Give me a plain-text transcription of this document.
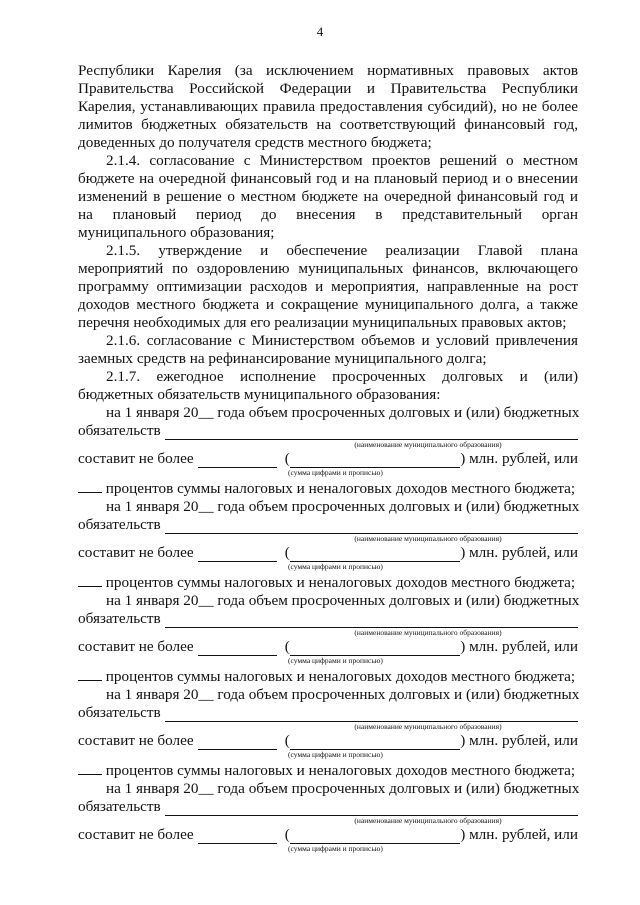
4

Республики Карелия (за исключением нормативных правовых актов Правительства Российской Федерации и Правительства Республики Карелия, устанавливающих правила предоставления субсидий), но не более лимитов бюджетных обязательств на соответствующий финансовый год, доведенных до получателя средств местного бюджета;

2.1.4. согласование с Министерством проектов решений о местном бюджете на очередной финансовый год и на плановый период и о внесении изменений в решение о местном бюджете на очередной финансовый год и на плановый период до внесения в представительный орган муниципального образования;

2.1.5. утверждение и обеспечение реализации Главой плана мероприятий по оздоровлению муниципальных финансов, включающего программу оптимизации расходов и мероприятия, направленные на рост доходов местного бюджета и сокращение муниципального долга, а также перечня необходимых для его реализации муниципальных правовых актов;

2.1.6. согласование с Министерством объемов и условий привлечения заемных средств на рефинансирование муниципального долга;

2.1.7. ежегодное исполнение просроченных долговых и (или) бюджетных обязательств муниципального образования:

на 1 января 20__ года объем просроченных долговых и (или) бюджетных
обязательств
(наименование муниципального образования)
составит не более	(	) млн. рублей, или
(сумма цифрами и прописью)
процентов суммы налоговых и неналоговых доходов местного бюджета;
на 1 января 20__ года объем просроченных долговых и (или) бюджетных
обязательств
(наименование муниципального образования)
составит не более	(	) млн. рублей, или
(сумма цифрами и прописью)
процентов суммы налоговых и неналоговых доходов местного бюджета;
на 1 января 20__ года объем просроченных долговых и (или) бюджетных
обязательств
(наименование муниципального образования)
составит не более	(	) млн. рублей, или
(сумма цифрами и прописью)
процентов суммы налоговых и неналоговых доходов местного бюджета;
на 1 января 20__ года объем просроченных долговых и (или) бюджетных
обязательств
(наименование муниципального образования)
составит не более	(	) млн. рублей, или
(сумма цифрами и прописью)
процентов суммы налоговых и неналоговых доходов местного бюджета;
на 1 января 20__ года объем просроченных долговых и (или) бюджетных
обязательств
(наименование муниципального образования)
составит не более	(	) млн. рублей, или
(сумма цифрами и прописью)
